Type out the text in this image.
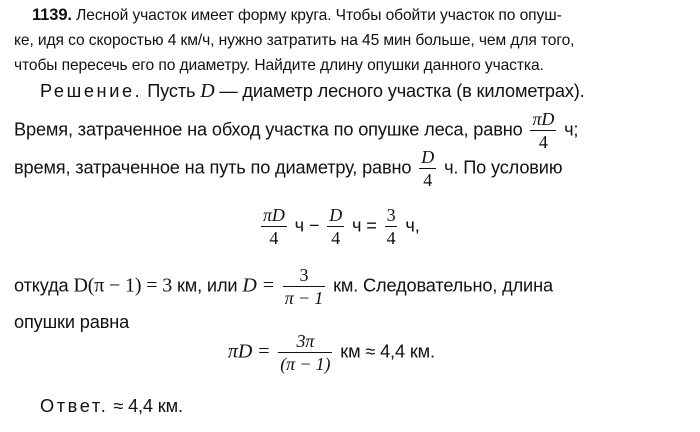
1139. Лесной участок имеет форму круга. Чтобы обойти участок по опуш-
ке, идя со скоростью 4 км/ч, нужно затратить на 45 мин больше, чем для того,
чтобы пересечь его по диаметру. Найдите длину опушки данного участка.
Решение. Пусть D — диаметр лесного участка (в километрах).
Время, затраченное на обход участка по опушке леса, равно $\frac{\pi D}{4} ч$;
время, затраченное на путь по диаметру, равно $\frac{D}{4} ч$. По условию
$\frac{\pi D}{4}$ $ч - \frac{D}{4}$ $ч = \frac{3}{4} ч$,
откуда D(π − 1) = 3 км, или $D = \frac{3}{\pi - 1}$ км. Следовательно, длина
опушки равна
$\pi D = \frac{3\pi}{(\pi - 1)}$ км ≈ 4,4 км.
Ответ. ≈ 4,4 км.
